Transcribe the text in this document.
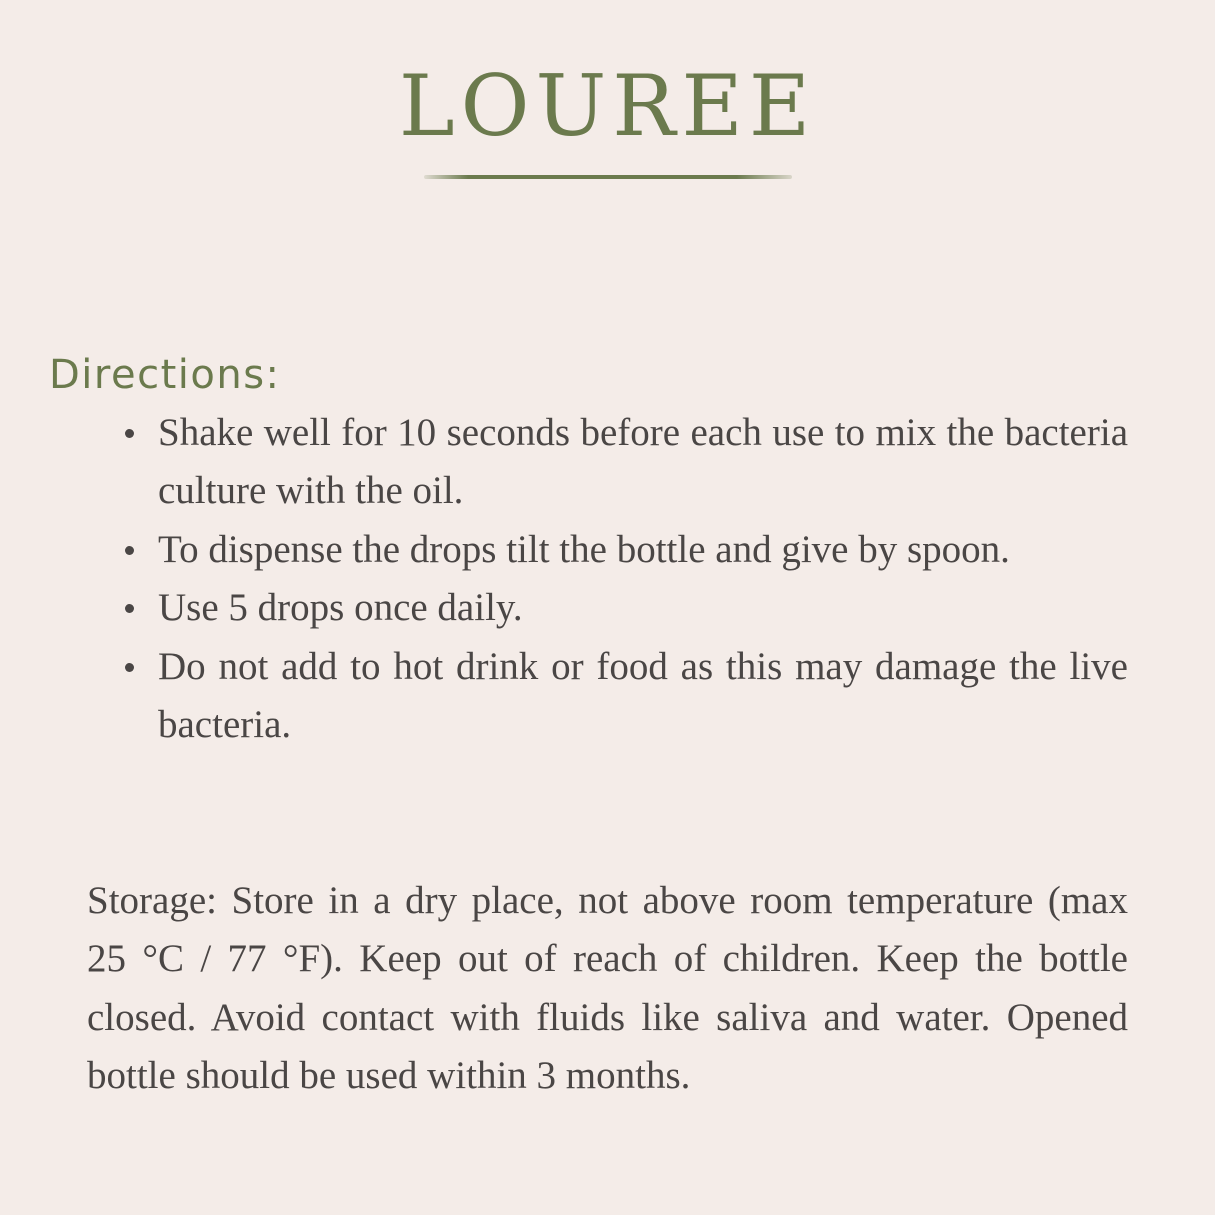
LOUREE
Directions:
Shake well for 10 seconds before each use to mix the bacteria culture with the oil.
To dispense the drops tilt the bottle and give by spoon.
Use 5 drops once daily.
Do not add to hot drink or food as this may damage the live bacteria.

Storage: Store in a dry place, not above room temperature (max 25 °C / 77 °F). Keep out of reach of children. Keep the bottle closed. Avoid contact with fluids like saliva and water. Opened bottle should be used within 3 months.
